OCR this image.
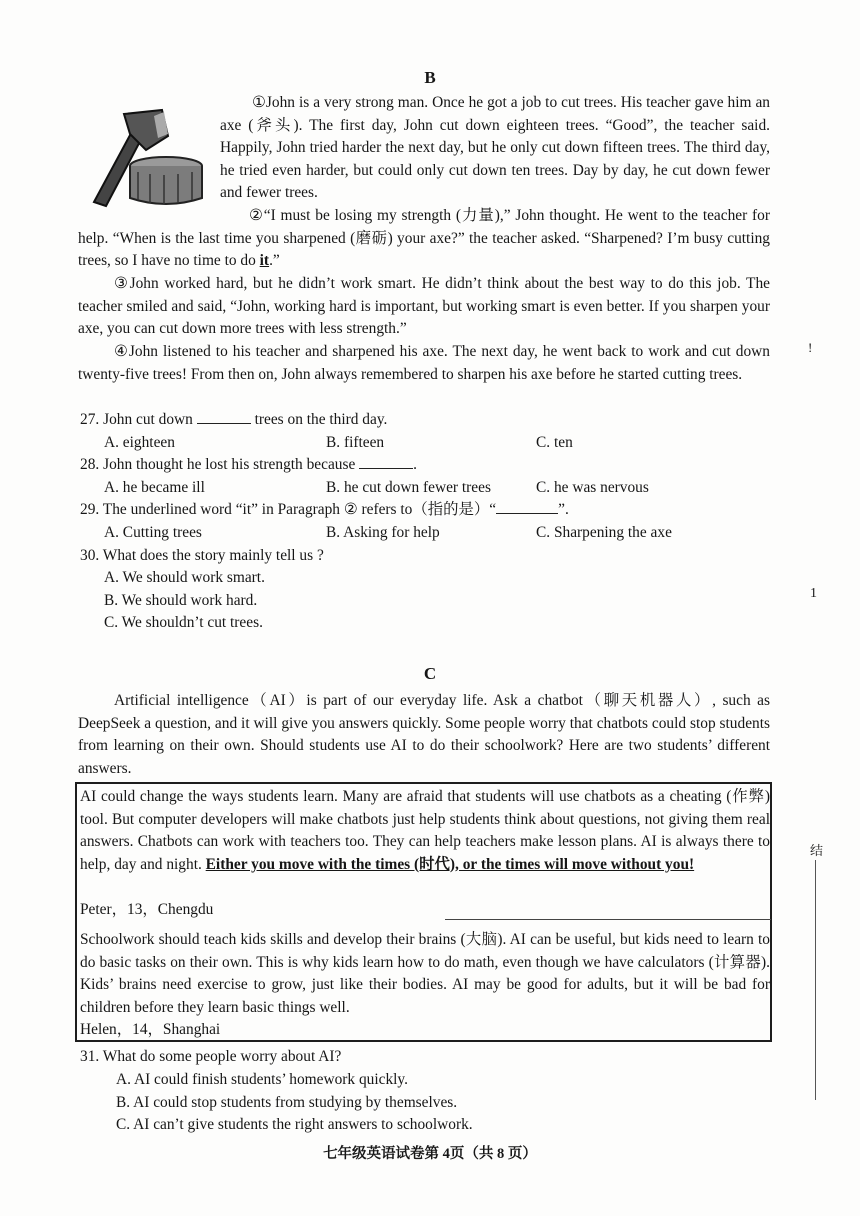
B
①John is a very strong man. Once he got a job to cut trees. His teacher gave him an axe (斧头). The first day, John cut down eighteen trees. “Good”, the teacher said. Happily, John tried harder the next day, but he only cut down fifteen trees. The third day, he tried even harder, but could only cut down ten trees. Day by day, he cut down fewer and fewer trees.
②“I must be losing my strength (力量),” John thought. He went to the teacher for help. “When is the last time you sharpened (磨砺) your axe?” the teacher asked. “Sharpened? I’m busy cutting trees, so I have no time to do it.”
③John worked hard, but he didn’t work smart. He didn’t think about the best way to do this job. The teacher smiled and said, “John, working hard is important, but working smart is even better. If you sharpen your axe, you can cut down more trees with less strength.”
④John listened to his teacher and sharpened his axe. The next day, he went back to work and cut down twenty-five trees! From then on, John always remembered to sharpen his axe before he started cutting trees.
27. John cut down	trees on the third day.
A. eighteen	B. fifteen	C. ten
28. John thought he lost his strength because	.
A. he became ill	B. he cut down fewer trees	C. he was nervous
29. The underlined word “it” in Paragraph ② refers to（指的是）“	”.
A. Cutting trees	B. Asking for help	C. Sharpening the axe
30. What does the story mainly tell us ?
A. We should work smart.
B. We should work hard.
C. We shouldn’t cut trees.
C
Artificial intelligence（AI）is part of our everyday life. Ask a chatbot（聊天机器人）, such as DeepSeek a question, and it will give you answers quickly. Some people worry that chatbots could stop students from learning on their own. Should students use AI to do their schoolwork? Here are two students’ different answers.
AI could change the ways students learn. Many are afraid that students will use chatbots as a cheating (作弊) tool. But computer developers will make chatbots just help students think about questions, not giving them real answers. Chatbots can work with teachers too. They can help teachers make lesson plans. AI is always there to help, day and night. Either you move with the times (时代), or the times will move without you!
Peter，13，Chengdu
Schoolwork should teach kids skills and develop their brains (大脑). AI can be useful, but kids need to learn to do basic tasks on their own. This is why kids learn how to do math, even though we have calculators (计算器). Kids’ brains need exercise to grow, just like their bodies. AI may be good for adults, but it will be bad for children before they learn basic things well.
Helen，14，Shanghai
31. What do some people worry about AI?
A. AI could finish students’ homework quickly.
B. AI could stop students from studying by themselves.
C. AI can’t give students the right answers to schoolwork.
七年级英语试卷第 4页（共 8 页）
!
1
结
